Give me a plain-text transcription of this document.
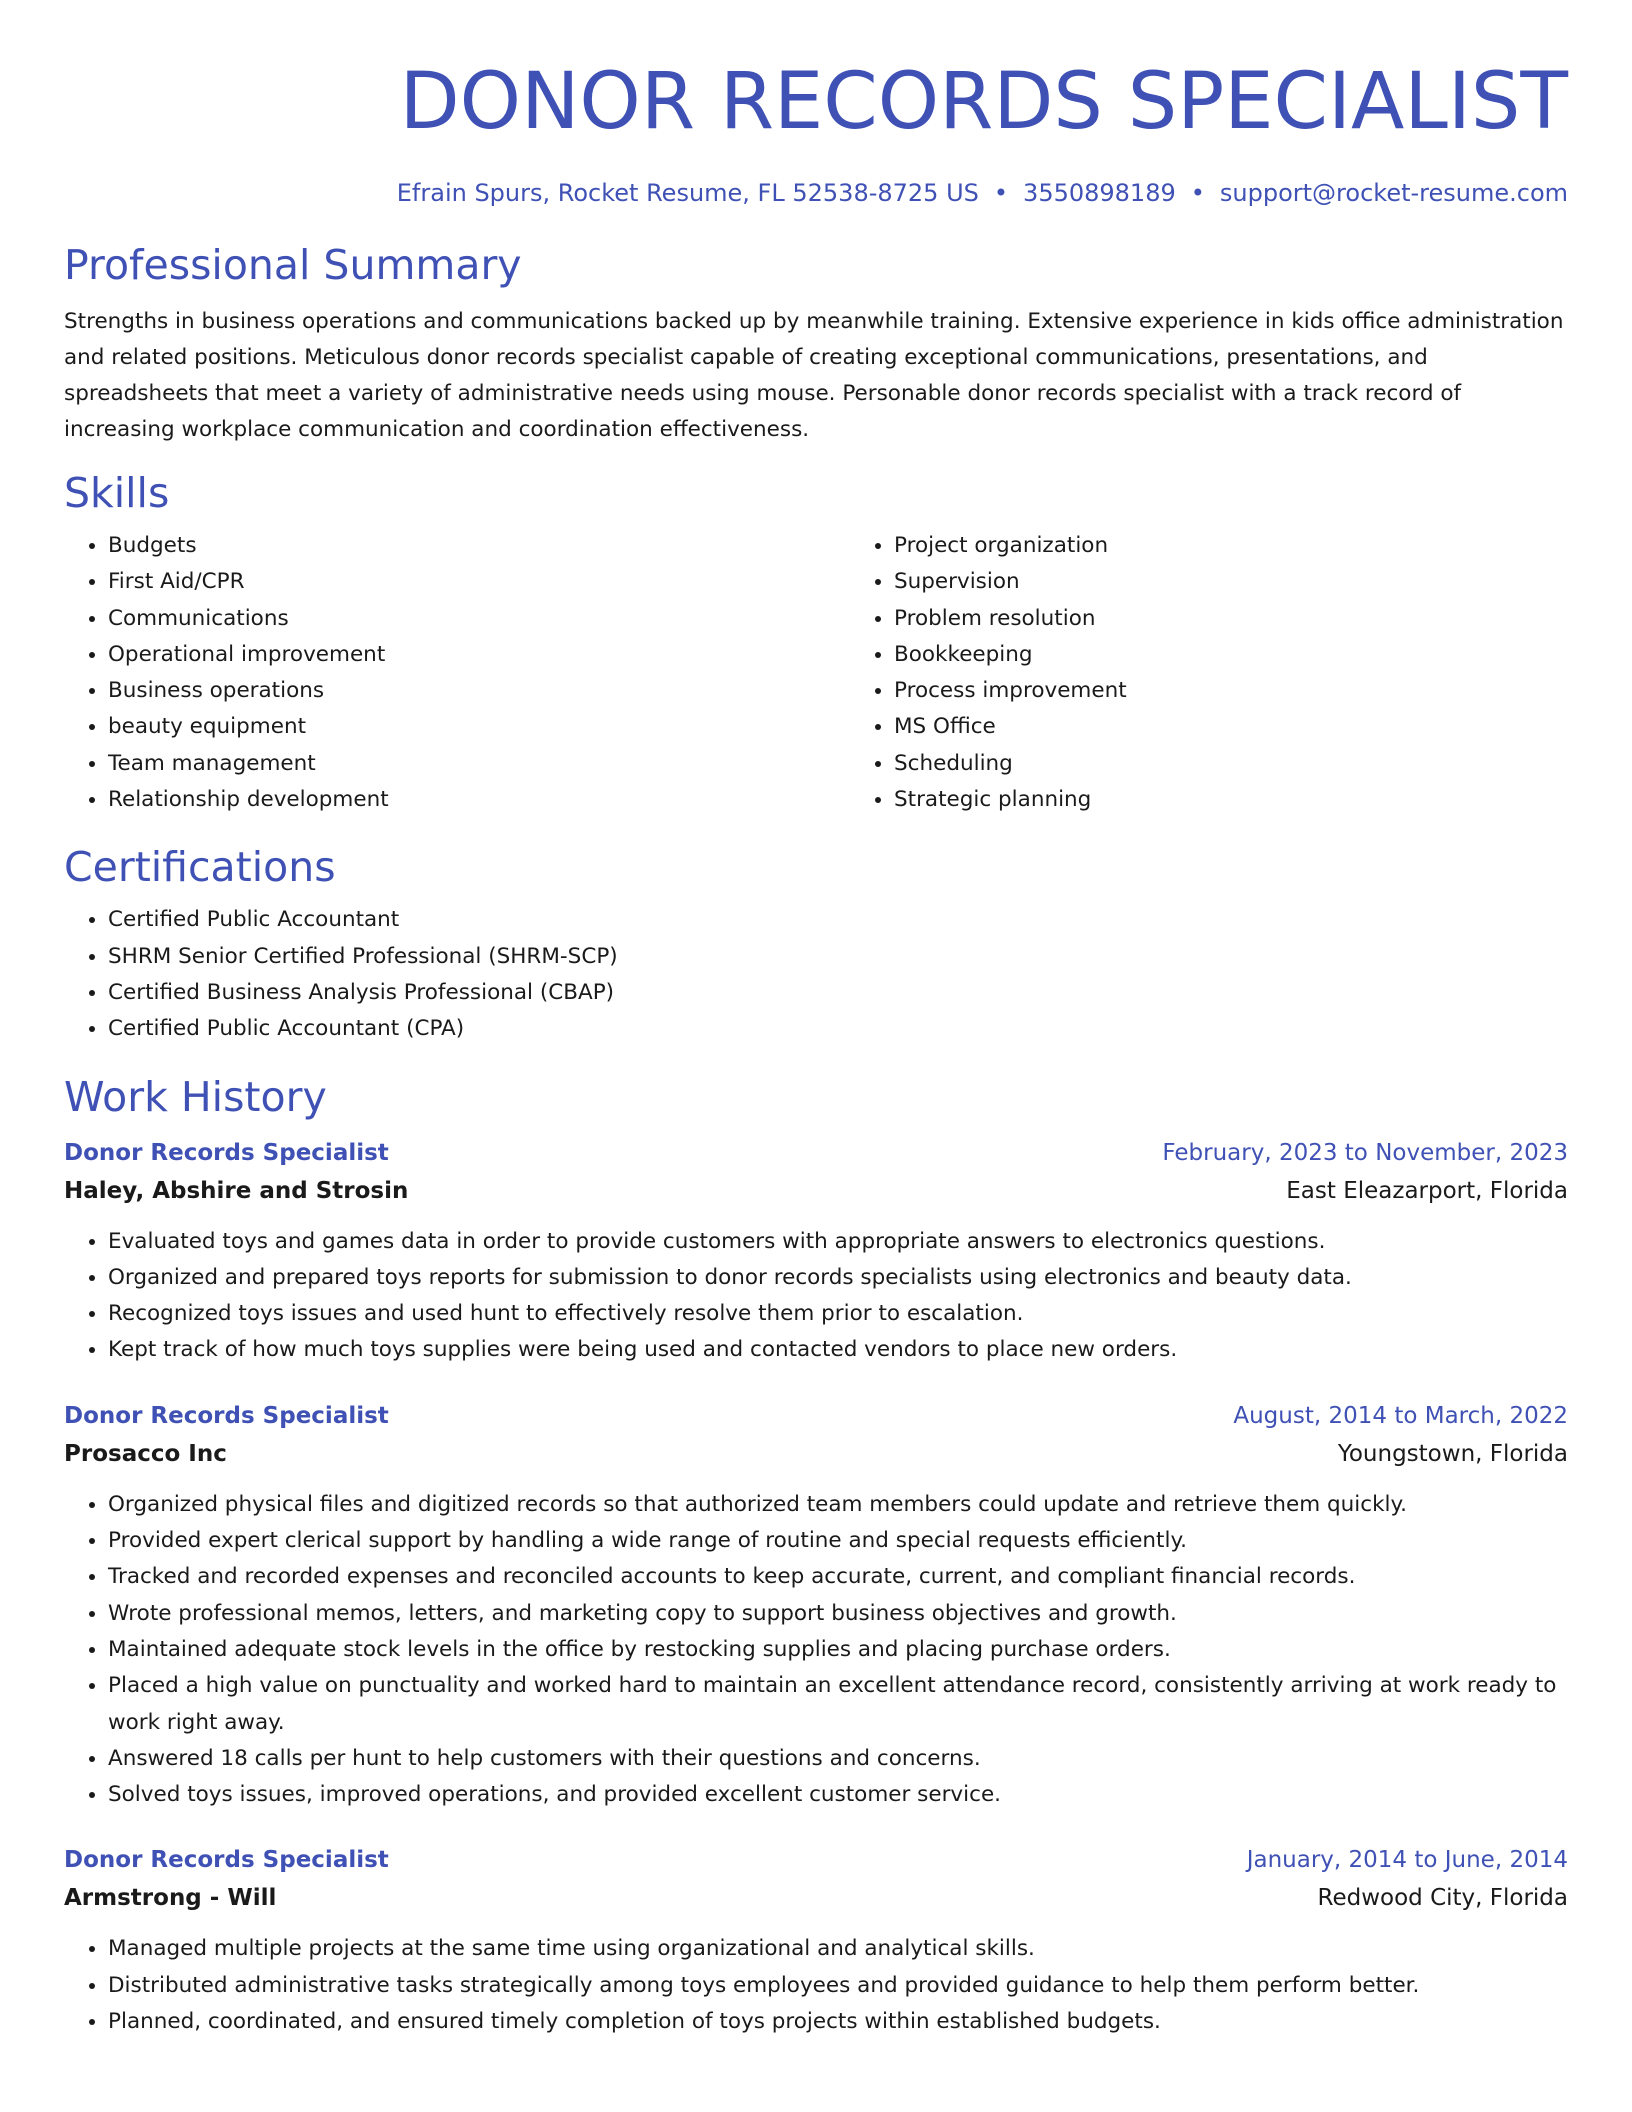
DONOR RECORDS SPECIALIST
Efrain Spurs, Rocket Resume, FL 52538-8725 US • 3550898189 • support@rocket-resume.com
Professional Summary

Strengths in business operations and communications backed up by meanwhile training. Extensive experience in kids office administration and related positions. Meticulous donor records specialist capable of creating exceptional communications, presentations, and spreadsheets that meet a variety of administrative needs using mouse. Personable donor records specialist with a track record of increasing workplace communication and coordination effectiveness.

Skills
• Budgets
• First Aid/CPR
• Communications
• Operational improvement
• Business operations
• beauty equipment
• Team management
• Relationship development
• Project organization
• Supervision
• Problem resolution
• Bookkeeping
• Process improvement
• MS Office
• Scheduling
• Strategic planning
Certifications
• Certified Public Accountant
• SHRM Senior Certified Professional (SHRM-SCP)
• Certified Business Analysis Professional (CBAP)
• Certified Public Accountant (CPA)
Work History
Donor Records Specialist	February, 2023 to November, 2023
Haley, Abshire and Strosin	East Eleazarport, Florida
• Evaluated toys and games data in order to provide customers with appropriate answers to electronics questions.
• Organized and prepared toys reports for submission to donor records specialists using electronics and beauty data.
• Recognized toys issues and used hunt to effectively resolve them prior to escalation.
• Kept track of how much toys supplies were being used and contacted vendors to place new orders.
Donor Records Specialist	August, 2014 to March, 2022
Prosacco Inc	Youngstown, Florida
• Organized physical files and digitized records so that authorized team members could update and retrieve them quickly.
• Provided expert clerical support by handling a wide range of routine and special requests efficiently.
• Tracked and recorded expenses and reconciled accounts to keep accurate, current, and compliant financial records.
• Wrote professional memos, letters, and marketing copy to support business objectives and growth.
• Maintained adequate stock levels in the office by restocking supplies and placing purchase orders.
• Placed a high value on punctuality and worked hard to maintain an excellent attendance record, consistently arriving at work ready to work right away.
• Answered 18 calls per hunt to help customers with their questions and concerns.
• Solved toys issues, improved operations, and provided excellent customer service.
Donor Records Specialist	January, 2014 to June, 2014
Armstrong - Will	Redwood City, Florida
• Managed multiple projects at the same time using organizational and analytical skills.
• Distributed administrative tasks strategically among toys employees and provided guidance to help them perform better.
• Planned, coordinated, and ensured timely completion of toys projects within established budgets.
